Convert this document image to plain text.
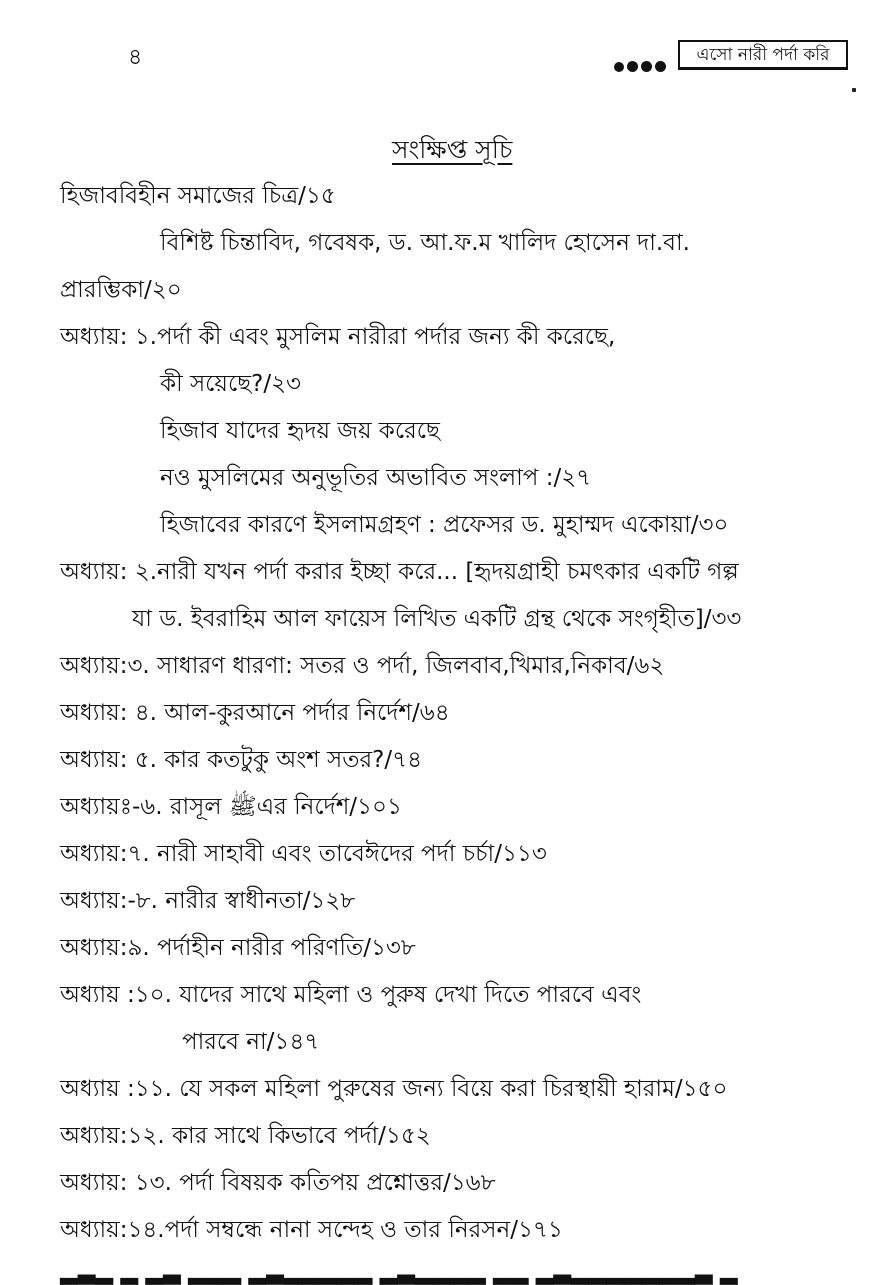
৪	এসো নারী পর্দা করি
সংক্ষিপ্ত সূচি
হিজাববিহীন সমাজের চিত্র/১৫
বিশিষ্ট চিন্তাবিদ, গবেষক, ড. আ.ফ.ম খালিদ হোসেন দা.বা.
প্রারম্ভিকা/২০
অধ্যায়: ১.পর্দা কী এবং মুসলিম নারীরা পর্দার জন্য কী করেছে,
কী সয়েছে?/২৩
হিজাব যাদের হৃদয় জয় করেছে
নও মুসলিমের অনুভূতির অভাবিত সংলাপ :/২৭
হিজাবের কারণে ইসলামগ্রহণ : প্রফেসর ড. মুহাম্মদ একোয়া/৩০
অধ্যায়: ২.নারী যখন পর্দা করার ইচ্ছা করে... [হৃদয়গ্রাহী চমৎকার একটি গল্প
যা ড. ইবরাহিম আল ফায়েস লিখিত একটি গ্রন্থ থেকে সংগৃহীত]/৩৩
অধ্যায়:৩. সাধারণ ধারণা: সতর ও পর্দা, জিলবাব,খিমার,নিকাব/৬২
অধ্যায়: ৪. আল-কুরআনে পর্দার নির্দেশ/৬৪
অধ্যায়: ৫. কার কতটুকু অংশ সতর?/৭৪
অধ্যায়ঃ-৬. রাসূল ﷺএর নির্দেশ/১০১
অধ্যায়:৭. নারী সাহাবী এবং তাবেঈদের পর্দা চর্চা/১১৩
অধ্যায়:-৮. নারীর স্বাধীনতা/১২৮
অধ্যায়:৯. পর্দাহীন নারীর পরিণতি/১৩৮
অধ্যায় :১০. যাদের সাথে মহিলা ও পুরুষ দেখা দিতে পারবে এবং
পারবে না/১৪৭
অধ্যায় :১১. যে সকল মহিলা পুরুষের জন্য বিয়ে করা চিরস্থায়ী হারাম/১৫০
অধ্যায়:১২. কার সাথে কিভাবে পর্দা/১৫২
অধ্যায়: ১৩. পর্দা বিষয়ক কতিপয় প্রশ্নোত্তর/১৬৮
অধ্যায়:১৪.পর্দা সম্বন্ধে নানা সন্দেহ ও তার নিরসন/১৭১
▂▃▂ ▂ ▂▃ ▂▂▂ ▂▃▂▂▂▂▂ ▂▃▂▂▂▂ ▂▂ ▂▃▂▂▂▂▂▂▂▃ ▂
